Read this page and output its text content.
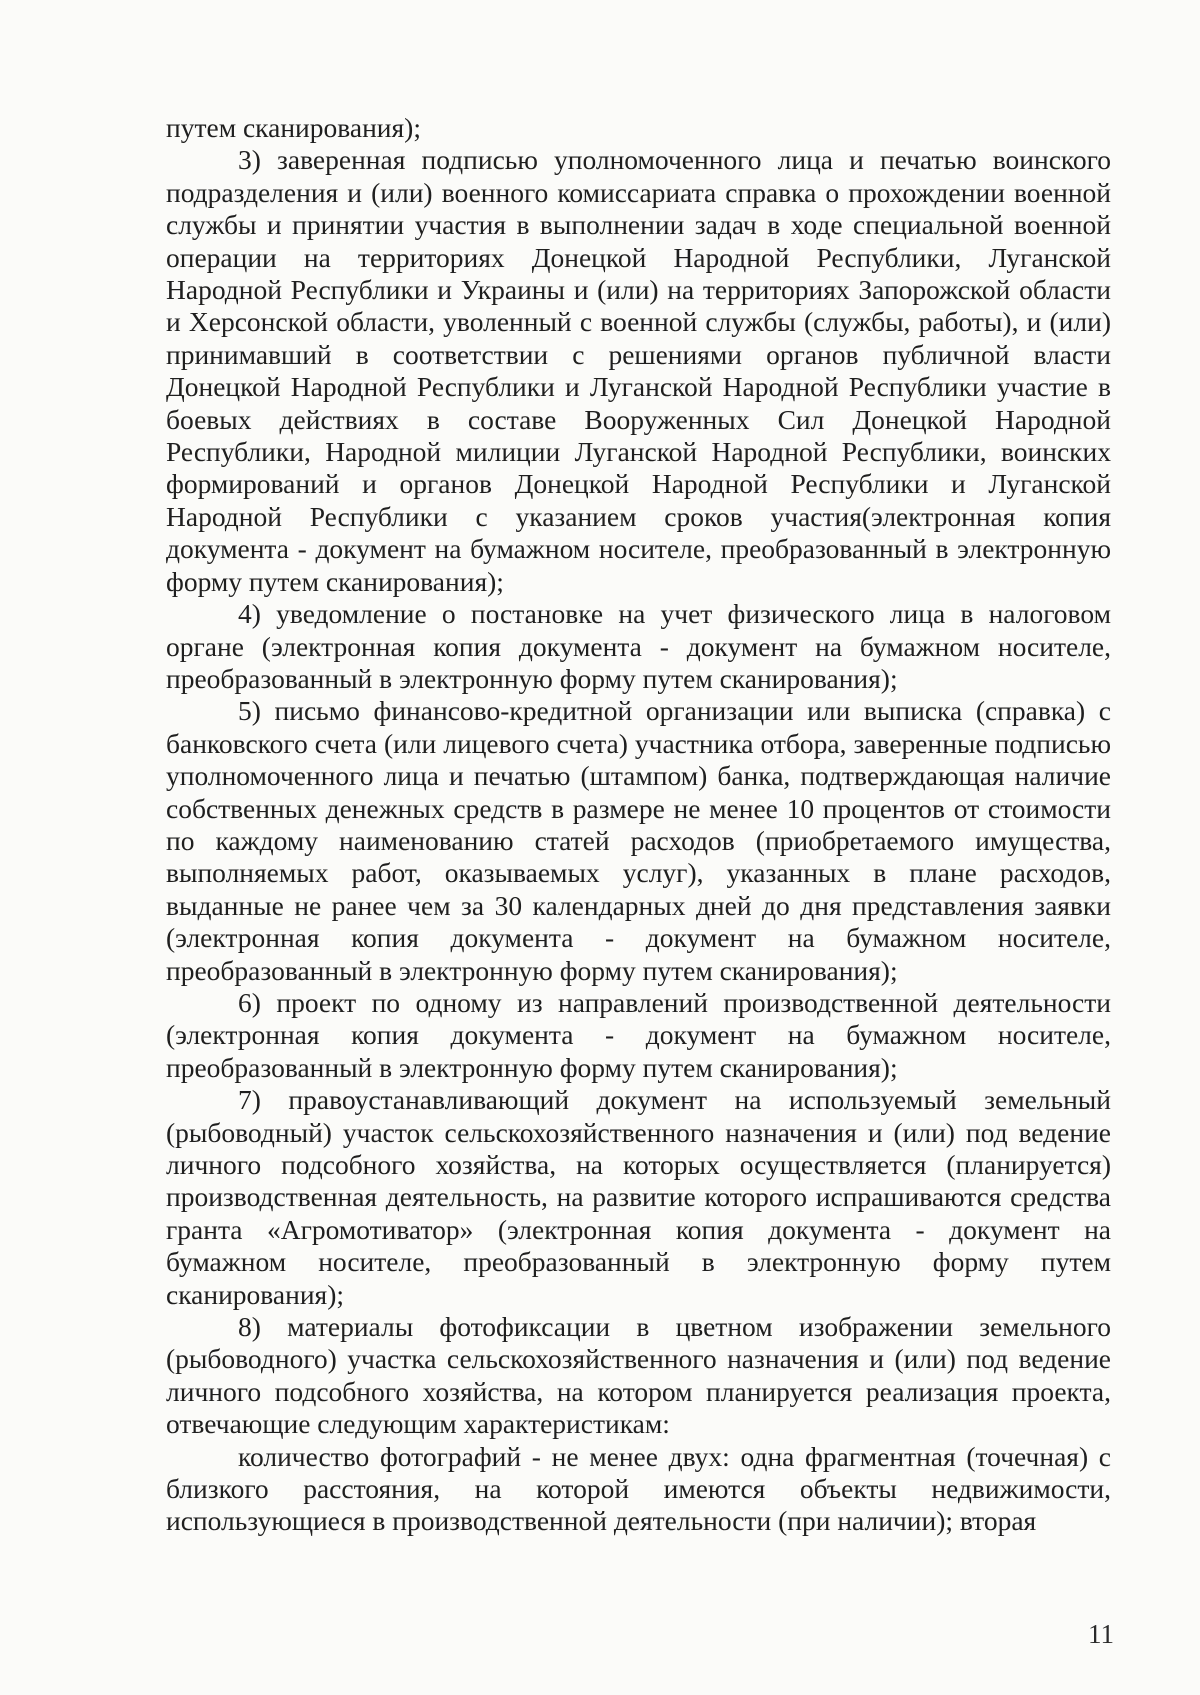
путем сканирования);

3) заверенная подписью уполномоченного лица и печатью воинского подразделения и (или) военного комиссариата справка о прохождении военной службы и принятии участия в выполнении задач в ходе специальной военной операции на территориях Донецкой Народной Республики, Луганской Народной Республики и Украины и (или) на территориях Запорожской области и Херсонской области, уволенный с военной службы (службы, работы), и (или) принимавший в соответствии с решениями органов публичной власти Донецкой Народной Республики и Луганской Народной Республики участие в боевых действиях в составе Вооруженных Сил Донецкой Народной Республики, Народной милиции Луганской Народной Республики, воинских формирований и органов Донецкой Народной Республики и Луганской Народной Республики с указанием сроков участия(электронная копия документа - документ на бумажном носителе, преобразованный в электронную форму путем сканирования);

4) уведомление о постановке на учет физического лица в налоговом органе (электронная копия документа - документ на бумажном носителе, преобразованный в электронную форму путем сканирования);

5) письмо финансово-кредитной организации или выписка (справка) с банковского счета (или лицевого счета) участника отбора, заверенные подписью уполномоченного лица и печатью (штампом) банка, подтверждающая наличие собственных денежных средств в размере не менее 10 процентов от стоимости по каждому наименованию статей расходов (приобретаемого имущества, выполняемых работ, оказываемых услуг), указанных в плане расходов, выданные не ранее чем за 30 календарных дней до дня представления заявки (электронная копия документа - документ на бумажном носителе, преобразованный в электронную форму путем сканирования);

6) проект по одному из направлений производственной деятельности (электронная копия документа - документ на бумажном носителе, преобразованный в электронную форму путем сканирования);

7) правоустанавливающий документ на используемый земельный (рыбоводный) участок сельскохозяйственного назначения и (или) под ведение личного подсобного хозяйства, на которых осуществляется (планируется) производственная деятельность, на развитие которого испрашиваются средства гранта «Агромотиватор» (электронная копия документа - документ на бумажном носителе, преобразованный в электронную форму путем сканирования);

8) материалы фотофиксации в цветном изображении земельного (рыбоводного) участка сельскохозяйственного назначения и (или) под ведение личного подсобного хозяйства, на котором планируется реализация проекта, отвечающие следующим характеристикам:

количество фотографий - не менее двух: одна фрагментная (точечная) с близкого расстояния, на которой имеются объекты недвижимости, использующиеся в производственной деятельности (при наличии); вторая

11
